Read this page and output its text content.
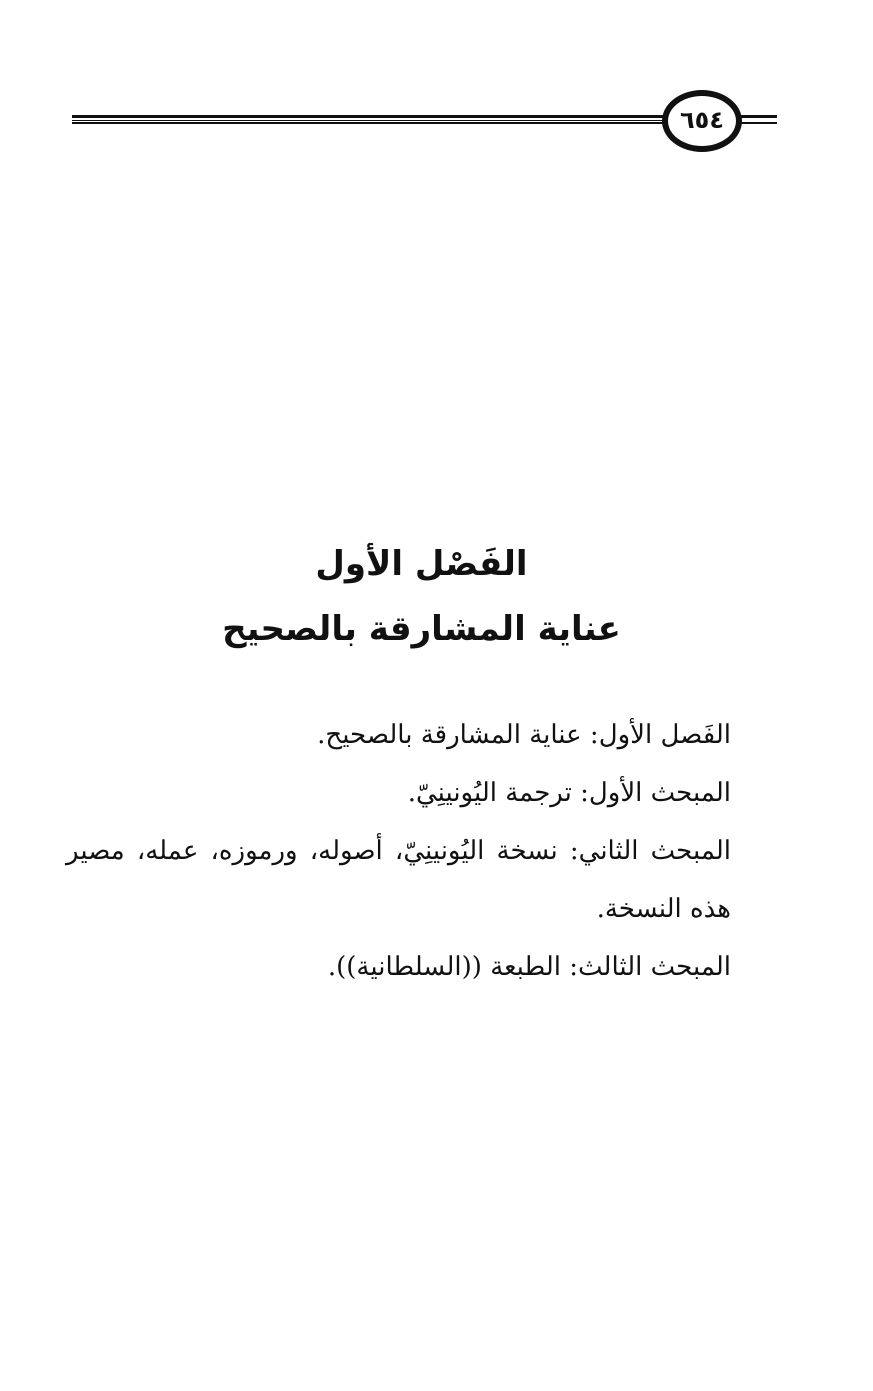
٦٥٤
الفَصْل الأول
عناية المشارقة بالصحيح
الفَصل الأول: عناية المشارقة بالصحيح.
المبحث الأول: ترجمة اليُونينِيّ.
المبحث الثاني: نسخة اليُونينِيّ، أصوله، ورموزه، عمله، مصير هذه النسخة.
المبحث الثالث: الطبعة ((السلطانية)).
